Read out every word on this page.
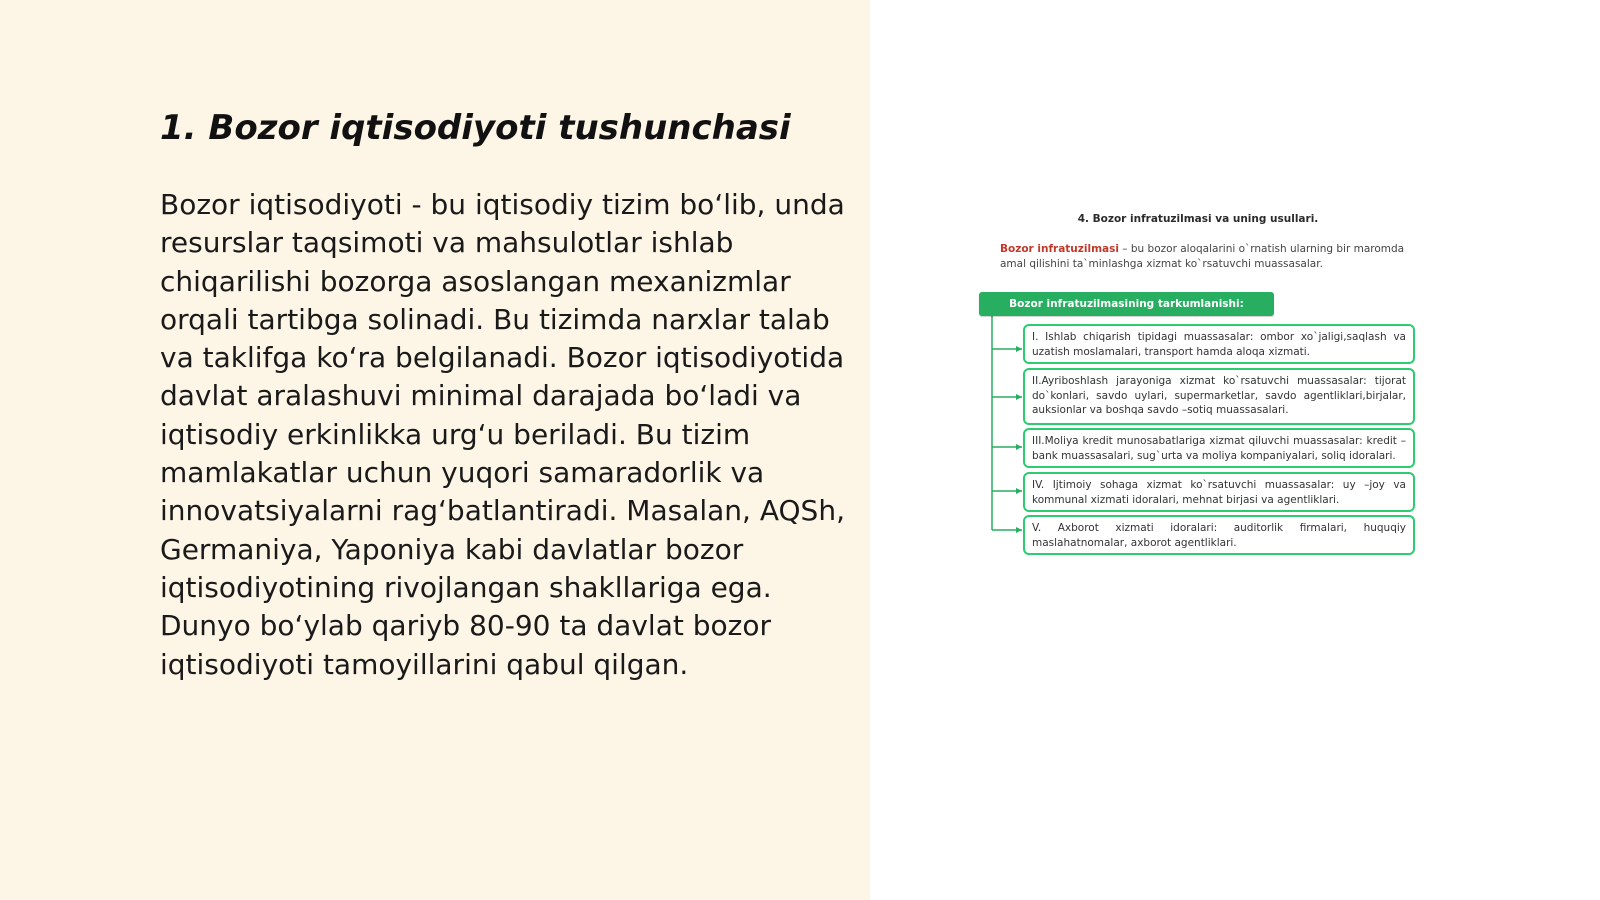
1. Bozor iqtisodiyoti tushunchasi

Bozor iqtisodiyoti - bu iqtisodiy tizim bo‘lib, unda resurslar taqsimoti va mahsulotlar ishlab chiqarilishi bozorga asoslangan mexanizmlar orqali tartibga solinadi. Bu tizimda narxlar talab va taklifga ko‘ra belgilanadi. Bozor iqtisodiyotida davlat aralashuvi minimal darajada bo‘ladi va iqtisodiy erkinlikka urg‘u beriladi. Bu tizim mamlakatlar uchun yuqori samaradorlik va innovatsiyalarni rag‘batlantiradi. Masalan, AQSh, Germaniya, Yaponiya kabi davlatlar bozor iqtisodiyotining rivojlangan shakllariga ega. Dunyo bo‘ylab qariyb 80-90 ta davlat bozor iqtisodiyoti tamoyillarini qabul qilgan.

4. Bozor infratuzilmasi va uning usullari.
Bozor infratuzilmasi – bu bozor aloqalarini o`rnatish ularning bir maromda amal qilishini ta`minlashga xizmat ko`rsatuvchi muassasalar.
Bozor infratuzilmasining tarkumlanishi:
I. Ishlab chiqarish tipidagi muassasalar: ombor xo`jaligi,saqlash va uzatish moslamalari, transport hamda aloqa xizmati.
II.Ayriboshlash jarayoniga xizmat ko`rsatuvchi muassasalar: tijorat do`konlari, savdo uylari, supermarketlar, savdo agentliklari,birjalar, auksionlar va boshqa savdo –sotiq muassasalari.
III.Moliya kredit munosabatlariga xizmat qiluvchi muassasalar: kredit – bank muassasalari, sug`urta va moliya kompaniyalari, soliq idoralari.
IV. Ijtimoiy sohaga xizmat ko`rsatuvchi muassasalar: uy –joy va kommunal xizmati idoralari, mehnat birjasi va agentliklari.
V. Axborot xizmati idoralari: auditorlik firmalari, huquqiy maslahatnomalar, axborot agentliklari.
